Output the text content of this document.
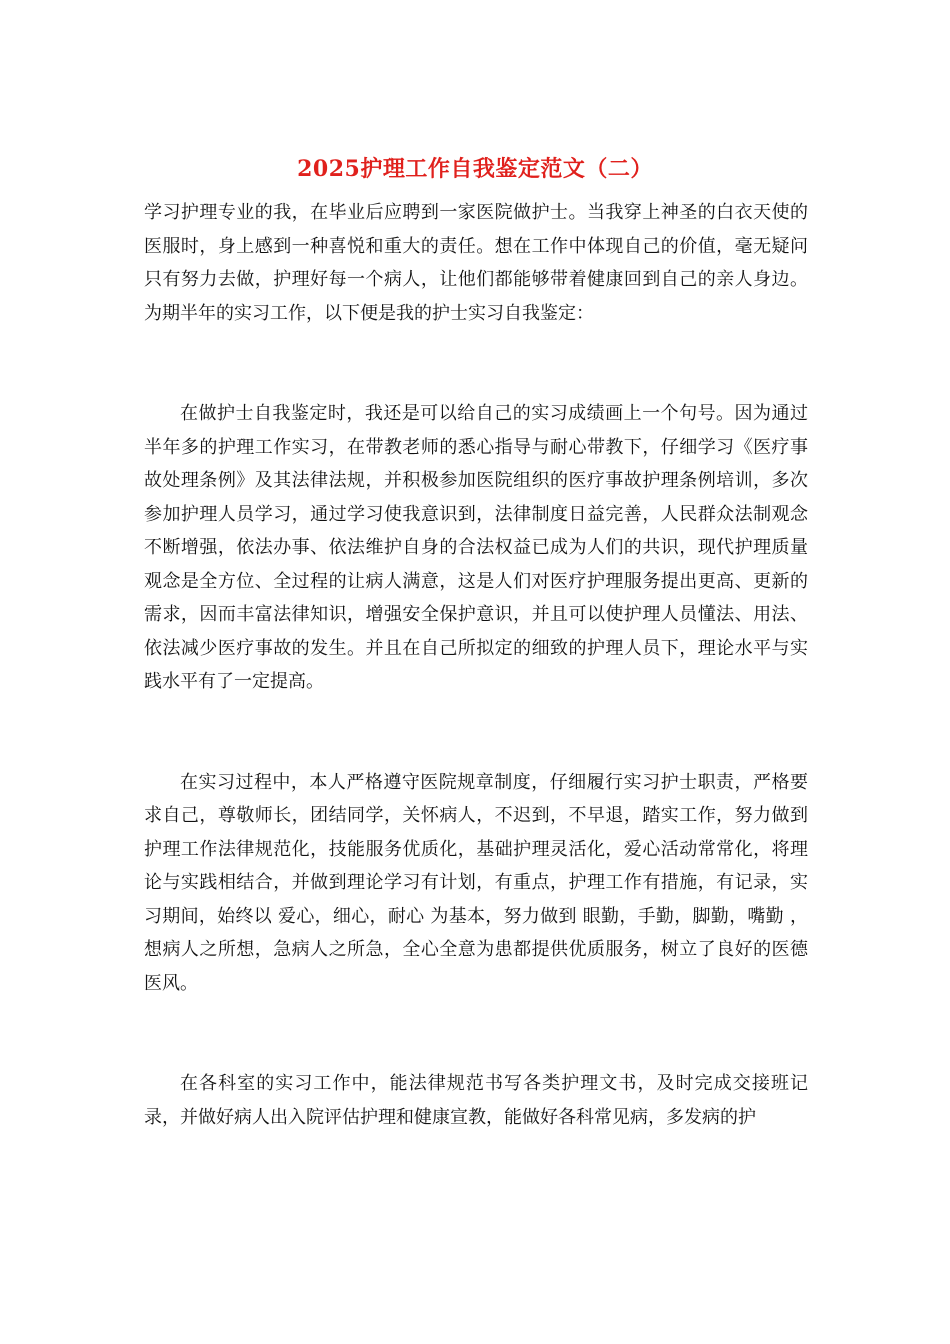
2025护理工作自我鉴定范文（二）

学习护理专业的我，在毕业后应聘到一家医院做护士。当我穿上神圣的白衣天使的医服时，身上感到一种喜悦和重大的责任。想在工作中体现自己的价值，毫无疑问只有努力去做，护理好每一个病人，让他们都能够带着健康回到自己的亲人身边。为期半年的实习工作，以下便是我的护士实习自我鉴定：

在做护士自我鉴定时，我还是可以给自己的实习成绩画上一个句号。因为通过半年多的护理工作实习，在带教老师的悉心指导与耐心带教下，仔细学习《医疗事故处理条例》及其法律法规，并积极参加医院组织的医疗事故护理条例培训，多次参加护理人员学习，通过学习使我意识到，法律制度日益完善，人民群众法制观念不断增强，依法办事、依法维护自身的合法权益已成为人们的共识，现代护理质量观念是全方位、全过程的让病人满意，这是人们对医疗护理服务提出更高、更新的需求，因而丰富法律知识，增强安全保护意识，并且可以使护理人员懂法、用法、依法减少医疗事故的发生。并且在自己所拟定的细致的护理人员下，理论水平与实践水平有了一定提高。

在实习过程中，本人严格遵守医院规章制度，仔细履行实习护士职责，严格要求自己，尊敬师长，团结同学，关怀病人，不迟到，不早退，踏实工作，努力做到护理工作法律规范化，技能服务优质化，基础护理灵活化，爱心活动常常化，将理论与实践相结合，并做到理论学习有计划，有重点，护理工作有措施，有记录，实习期间，始终以 爱心，细心，耐心 为基本，努力做到 眼勤，手勤，脚勤，嘴勤 ，想病人之所想，急病人之所急，全心全意为患都提供优质服务，树立了良好的医德医风。

在各科室的实习工作中，能法律规范书写各类护理文书，及时完成交接班记录，并做好病人出入院评估护理和健康宣教，能做好各科常见病，多发病的护
